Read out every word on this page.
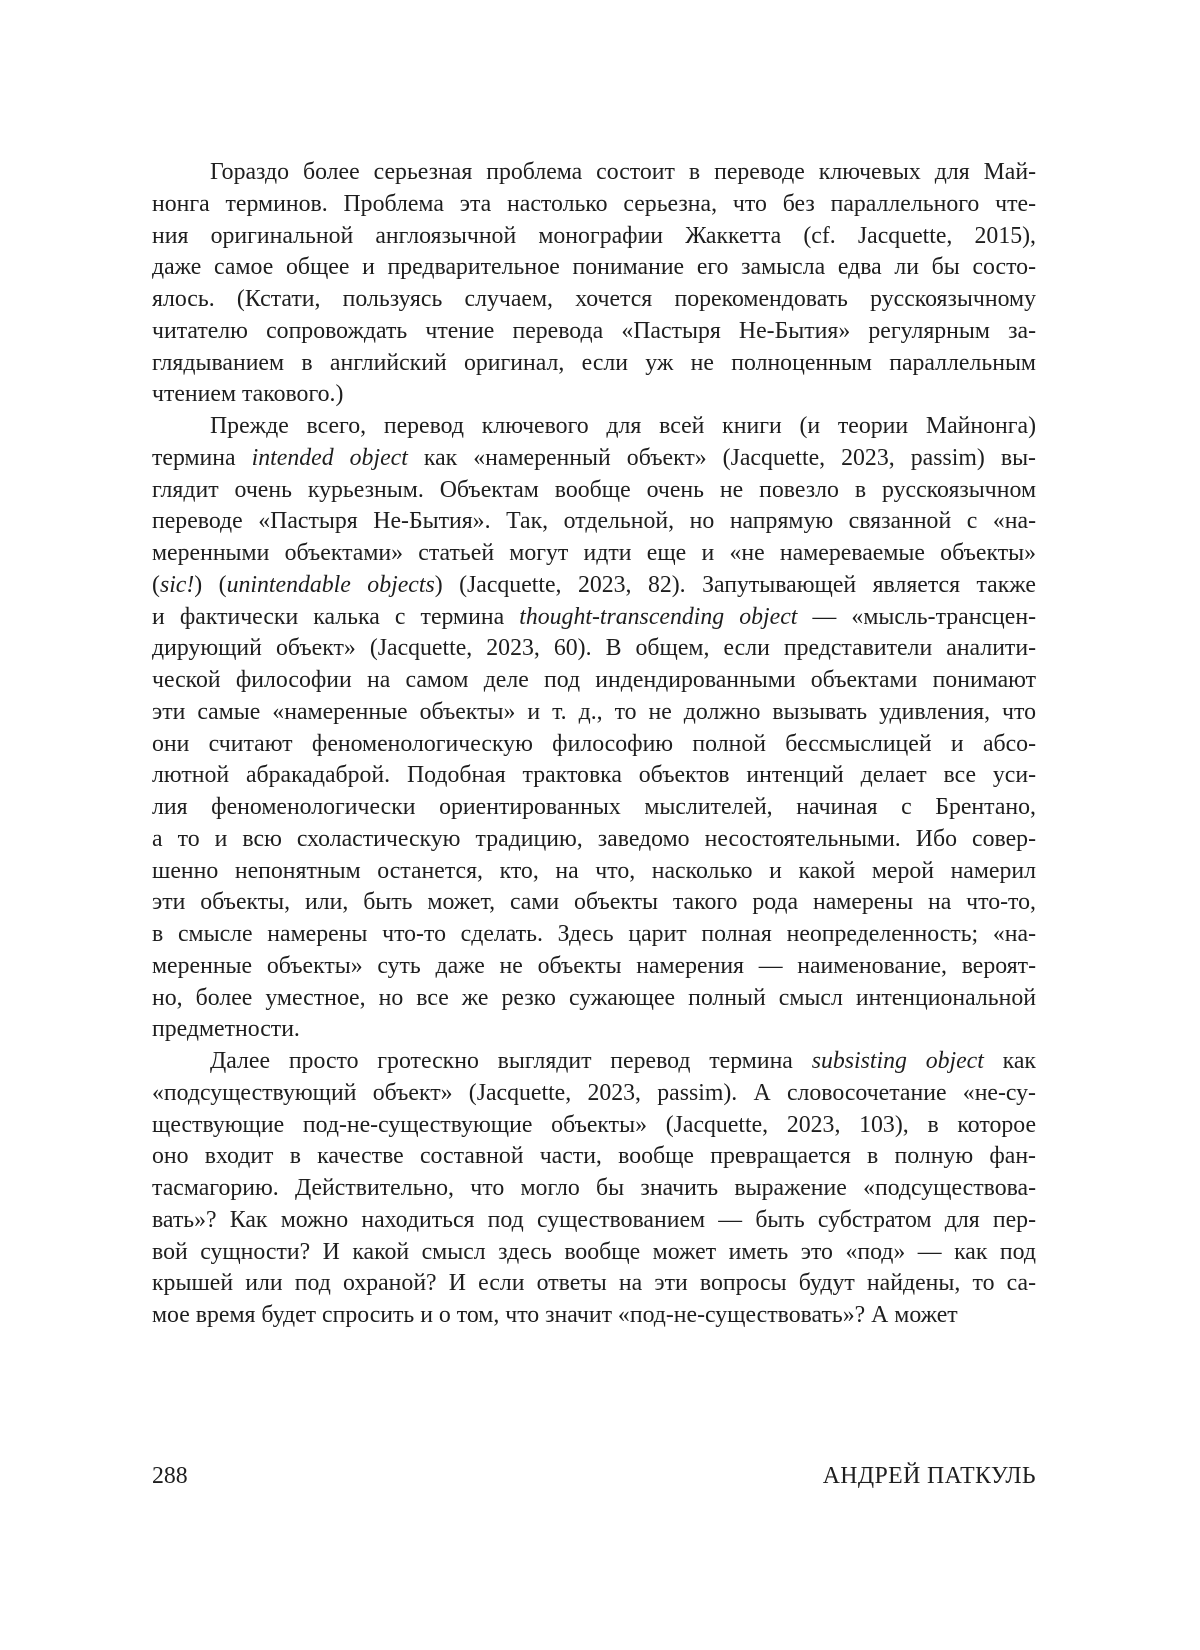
Гораздо более серьезная проблема состоит в переводе ключевых для Май-
нонга терминов. Проблема эта настолько серьезна, что без параллельного чте-
ния оригинальной англоязычной монографии Жаккетта (cf. Jacquette, 2015),
даже самое общее и предварительное понимание его замысла едва ли бы состо-
ялось. (Кстати, пользуясь случаем, хочется порекомендовать русскоязычному
читателю сопровождать чтение перевода «Пастыря Не-Бытия» регулярным за-
глядыванием в английский оригинал, если уж не полноценным параллельным
чтением такового.)
Прежде всего, перевод ключевого для всей книги (и теории Майнонга)
термина intended object как «намеренный объект» (Jacquette, 2023, passim) вы-
глядит очень курьезным. Объектам вообще очень не повезло в русскоязычном
переводе «Пастыря Не-Бытия». Так, отдельной, но напрямую связанной с «на-
меренными объектами» статьей могут идти еще и «не намереваемые объекты»
(sic!) (unintendable objects) (Jacquette, 2023, 82). Запутывающей является также
и фактически калька с термина thought-transcending object — «мысль-трансцен-
дирующий объект» (Jacquette, 2023, 60). В общем, если представители аналити-
ческой философии на самом деле под индендированными объектами понимают
эти самые «намеренные объекты» и т. д., то не должно вызывать удивления, что
они считают феноменологическую философию полной бессмыслицей и абсо-
лютной абракадаброй. Подобная трактовка объектов интенций делает все уси-
лия феноменологически ориентированных мыслителей, начиная с Брентано,
а то и всю схоластическую традицию, заведомо несостоятельными. Ибо совер-
шенно непонятным останется, кто, на что, насколько и какой мерой намерил
эти объекты, или, быть может, сами объекты такого рода намерены на что-то,
в смысле намерены что-то сделать. Здесь царит полная неопределенность; «на-
меренные объекты» суть даже не объекты намерения — наименование, вероят-
но, более уместное, но все же резко сужающее полный смысл интенциональной
предметности.
Далее просто гротескно выглядит перевод термина subsisting object как
«подсуществующий объект» (Jacquette, 2023, passim). А словосочетание «не-су-
ществующие под-не-существующие объекты» (Jacquette, 2023, 103), в которое
оно входит в качестве составной части, вообще превращается в полную фан-
тасмагорию. Действительно, что могло бы значить выражение «подсуществова-
вать»? Как можно находиться под существованием — быть субстратом для пер-
вой сущности? И какой смысл здесь вообще может иметь это «под» — как под
крышей или под охраной? И если ответы на эти вопросы будут найдены, то са-
мое время будет спросить и о том, что значит «под-не-существовать»? А может
288	АНДРЕЙ ПАТКУЛЬ
